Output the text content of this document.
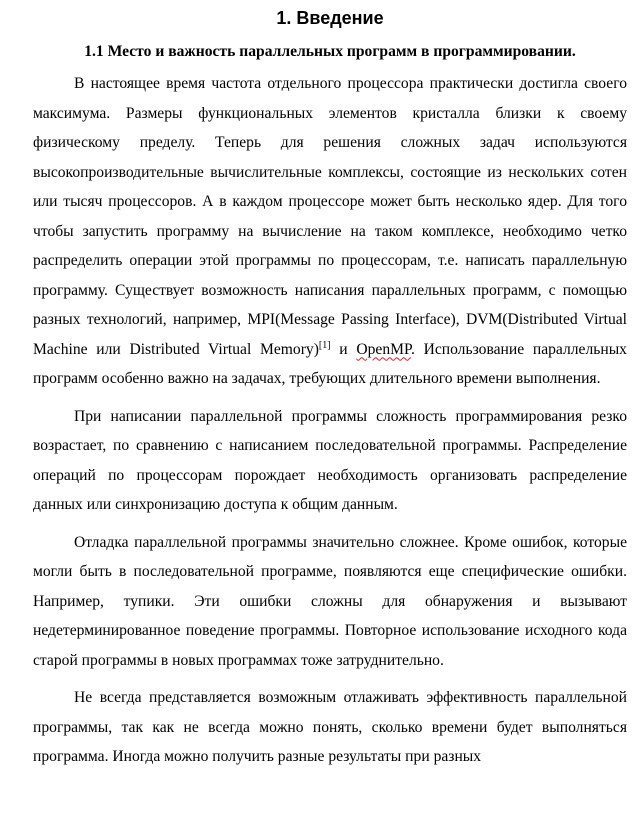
1. Введение
1.1 Место и важность параллельных программ в программировании.

В настоящее время частота отдельного процессора практически достигла своего максимума. Размеры функциональных элементов кристалла близки к своему физическому пределу. Теперь для решения сложных задач используются высокопроизводительные вычислительные комплексы, состоящие из нескольких сотен или тысяч процессоров. А в каждом процессоре может быть несколько ядер. Для того чтобы запустить программу на вычисление на таком комплексе, необходимо четко распределить операции этой программы по процессорам, т.е. написать параллельную программу. Существует возможность написания параллельных программ, с помощью разных технологий, например, MPI(Message Passing Interface), DVM(Distributed Virtual Machine или Distributed Virtual Memory)[1] и OpenMP. Использование параллельных программ особенно важно на задачах, требующих длительного времени выполнения.

При написании параллельной программы сложность программирования резко возрастает, по сравнению с написанием последовательной программы. Распределение операций по процессорам порождает необходимость организовать распределение данных или синхронизацию доступа к общим данным.

Отладка параллельной программы значительно сложнее. Кроме ошибок, которые могли быть в последовательной программе, появляются еще специфические ошибки. Например, тупики. Эти ошибки сложны для обнаружения и вызывают недетерминированное поведение программы. Повторное использование исходного кода старой программы в новых программах тоже затруднительно.

Не всегда представляется возможным отлаживать эффективность параллельной программы, так как не всегда можно понять, сколько времени будет выполняться программа. Иногда можно получить разные результаты при разных
